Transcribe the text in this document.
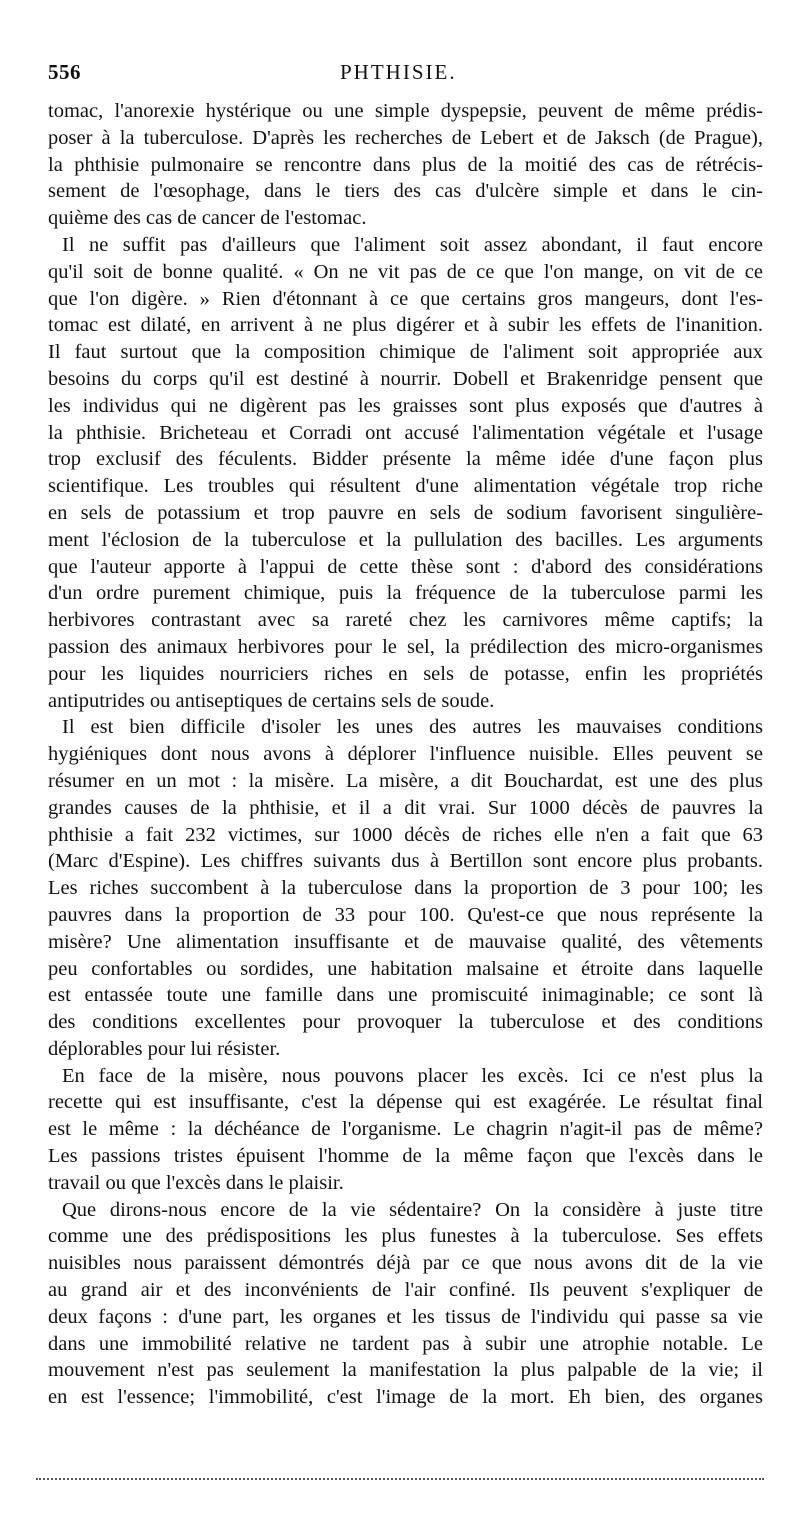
556	PHTHISIE.
tomac, l'anorexie hystérique ou une simple dyspepsie, peuvent de même prédis-
poser à la tuberculose. D'après les recherches de Lebert et de Jaksch (de Prague),
la phthisie pulmonaire se rencontre dans plus de la moitié des cas de rétrécis-
sement de l'œsophage, dans le tiers des cas d'ulcère simple et dans le cin-
quième des cas de cancer de l'estomac.
Il ne suffit pas d'ailleurs que l'aliment soit assez abondant, il faut encore
qu'il soit de bonne qualité. « On ne vit pas de ce que l'on mange, on vit de ce
que l'on digère. » Rien d'étonnant à ce que certains gros mangeurs, dont l'es-
tomac est dilaté, en arrivent à ne plus digérer et à subir les effets de l'inanition.
Il faut surtout que la composition chimique de l'aliment soit appropriée aux
besoins du corps qu'il est destiné à nourrir. Dobell et Brakenridge pensent que
les individus qui ne digèrent pas les graisses sont plus exposés que d'autres à
la phthisie. Bricheteau et Corradi ont accusé l'alimentation végétale et l'usage
trop exclusif des féculents. Bidder présente la même idée d'une façon plus
scientifique. Les troubles qui résultent d'une alimentation végétale trop riche
en sels de potassium et trop pauvre en sels de sodium favorisent singulière-
ment l'éclosion de la tuberculose et la pullulation des bacilles. Les arguments
que l'auteur apporte à l'appui de cette thèse sont : d'abord des considérations
d'un ordre purement chimique, puis la fréquence de la tuberculose parmi les
herbivores contrastant avec sa rareté chez les carnivores même captifs; la
passion des animaux herbivores pour le sel, la prédilection des micro-organismes
pour les liquides nourriciers riches en sels de potasse, enfin les propriétés
antiputrides ou antiseptiques de certains sels de soude.
Il est bien difficile d'isoler les unes des autres les mauvaises conditions
hygiéniques dont nous avons à déplorer l'influence nuisible. Elles peuvent se
résumer en un mot : la misère. La misère, a dit Bouchardat, est une des plus
grandes causes de la phthisie, et il a dit vrai. Sur 1000 décès de pauvres la
phthisie a fait 232 victimes, sur 1000 décès de riches elle n'en a fait que 63
(Marc d'Espine). Les chiffres suivants dus à Bertillon sont encore plus probants.
Les riches succombent à la tuberculose dans la proportion de 3 pour 100; les
pauvres dans la proportion de 33 pour 100. Qu'est-ce que nous représente la
misère? Une alimentation insuffisante et de mauvaise qualité, des vêtements
peu confortables ou sordides, une habitation malsaine et étroite dans laquelle
est entassée toute une famille dans une promiscuité inimaginable; ce sont là
des conditions excellentes pour provoquer la tuberculose et des conditions
déplorables pour lui résister.
En face de la misère, nous pouvons placer les excès. Ici ce n'est plus la
recette qui est insuffisante, c'est la dépense qui est exagérée. Le résultat final
est le même : la déchéance de l'organisme. Le chagrin n'agit-il pas de même?
Les passions tristes épuisent l'homme de la même façon que l'excès dans le
travail ou que l'excès dans le plaisir.
Que dirons-nous encore de la vie sédentaire? On la considère à juste titre
comme une des prédispositions les plus funestes à la tuberculose. Ses effets
nuisibles nous paraissent démontrés déjà par ce que nous avons dit de la vie
au grand air et des inconvénients de l'air confiné. Ils peuvent s'expliquer de
deux façons : d'une part, les organes et les tissus de l'individu qui passe sa vie
dans une immobilité relative ne tardent pas à subir une atrophie notable. Le
mouvement n'est pas seulement la manifestation la plus palpable de la vie; il
en est l'essence; l'immobilité, c'est l'image de la mort. Eh bien, des organes
